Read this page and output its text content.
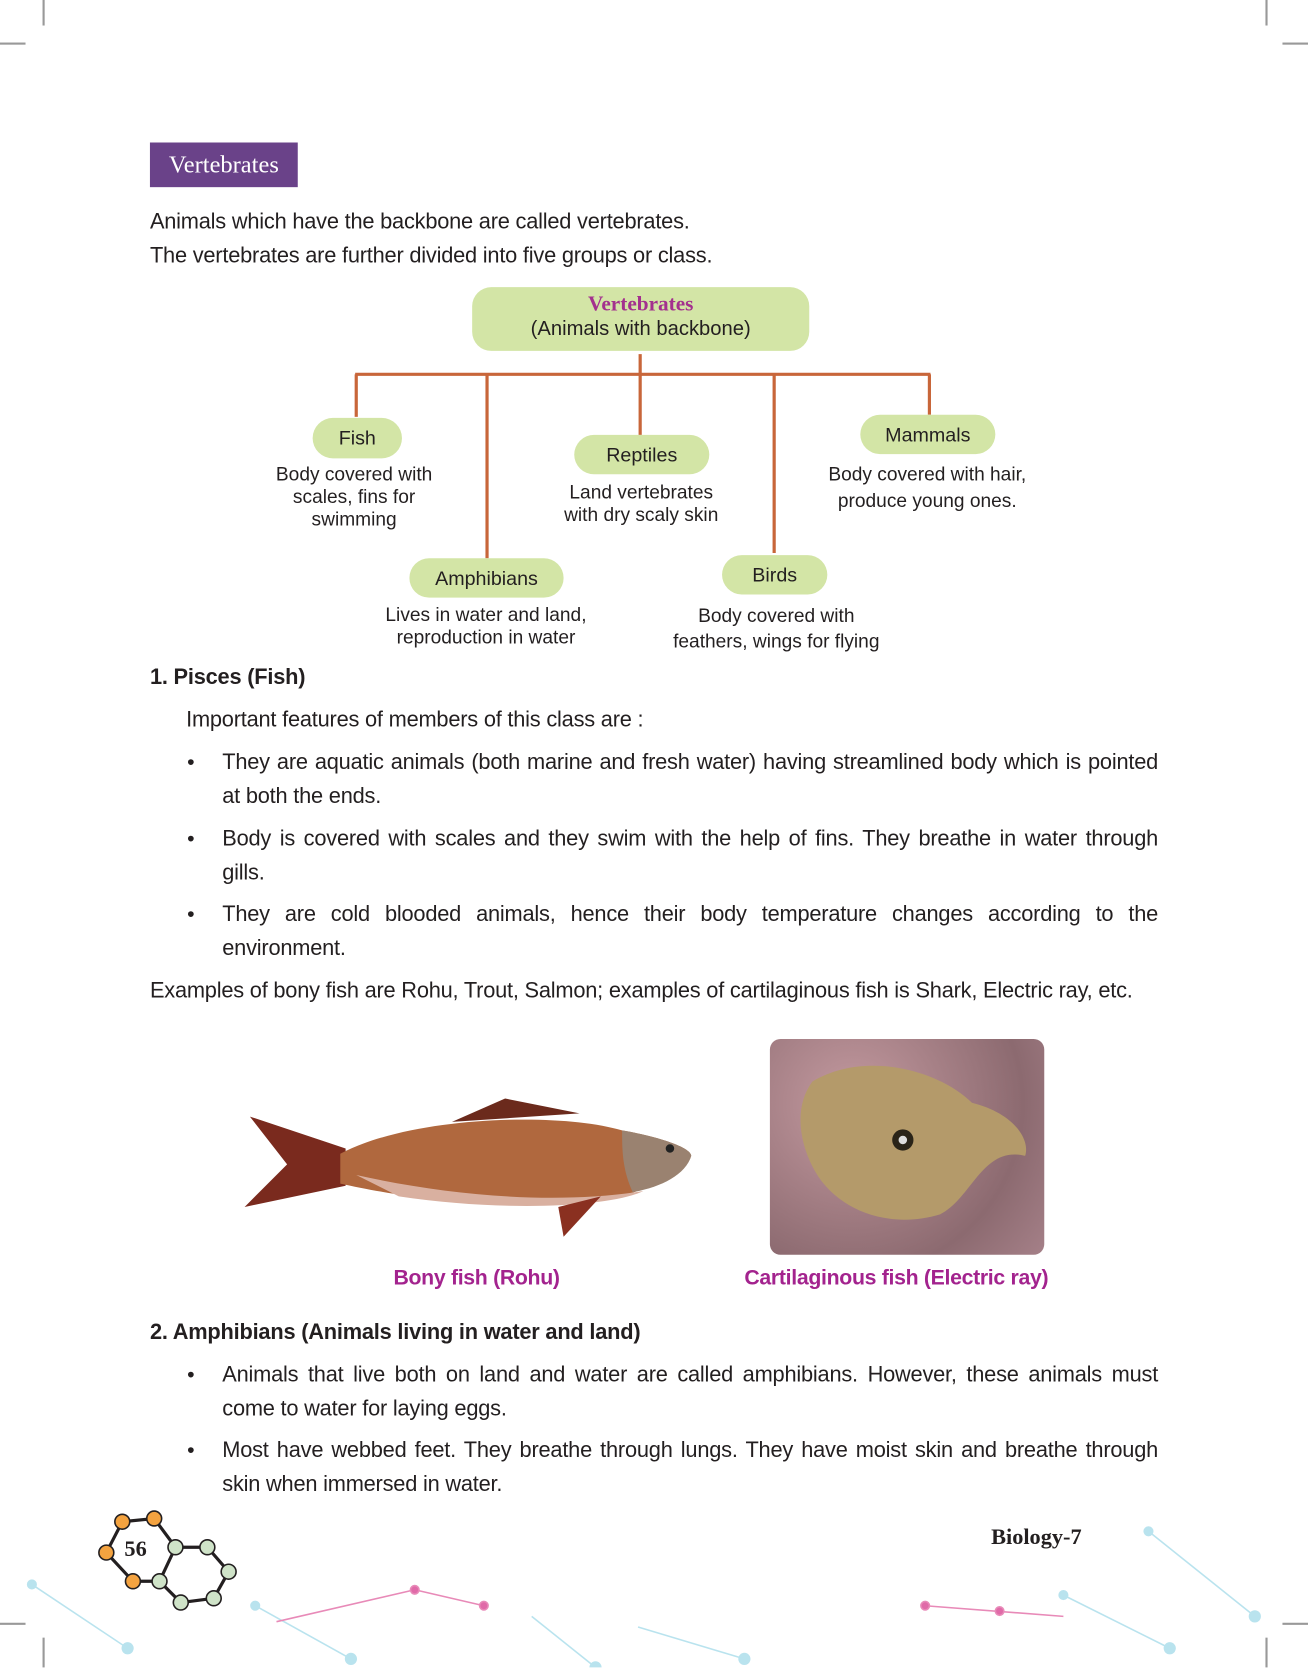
Vertebrates
Animals which have the backbone are called vertebrates.
The vertebrates are further divided into five groups or class.
Vertebrates
(Animals with backbone)
Fish
Body covered with
scales, fins for
swimming
Reptiles
Land vertebrates
with dry scaly skin
Mammals
Body covered with hair,
produce young ones.
Amphibians
Lives in water and land,
reproduction in water
Birds
Body covered with
feathers, wings for flying
1. Pisces (Fish)
Important features of members of this class are :
• They are aquatic animals (both marine and fresh water) having streamlined body which is pointed at both the ends.
• Body is covered with scales and they swim with the help of fins. They breathe in water through gills.
• They are cold blooded animals, hence their body temperature changes according to the environment.
Examples of bony fish are Rohu, Trout, Salmon; examples of cartilaginous fish is Shark, Electric ray, etc.
Bony fish (Rohu)	Cartilaginous fish (Electric ray)
2. Amphibians (Animals living in water and land)
• Animals that live both on land and water are called amphibians. However, these animals must come to water for laying eggs.
• Most have webbed feet. They breathe through lungs. They have moist skin and breathe through skin when immersed in water.
56	Biology-7
